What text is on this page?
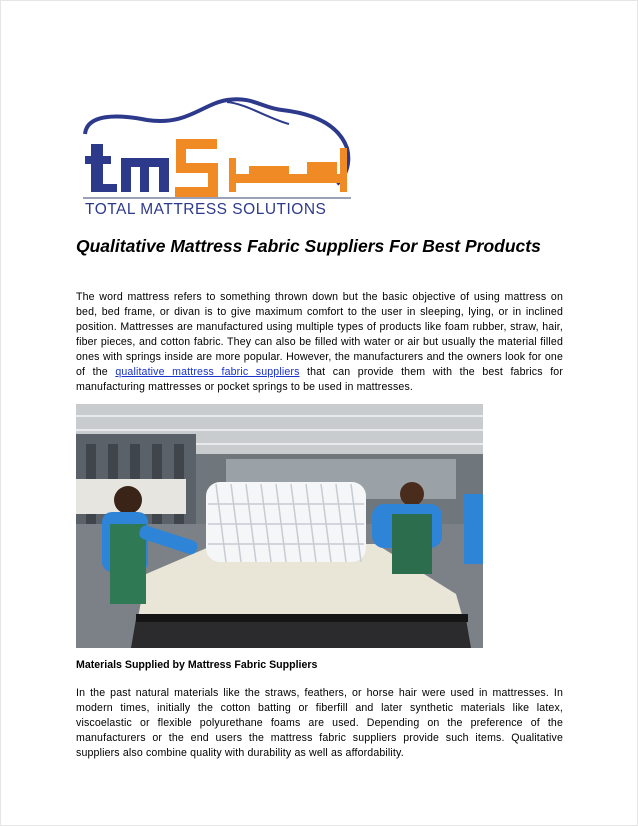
TOTAL MATTRESS SOLUTIONS
Qualitative Mattress Fabric Suppliers For Best Products

The word mattress refers to something thrown down but the basic objective of using mattress on bed, bed frame, or divan is to give maximum comfort to the user in sleeping, lying, or in inclined position. Mattresses are manufactured using multiple types of products like foam rubber, straw, hair, fiber pieces, and cotton fabric. They can also be filled with water or air but usually the material filled ones with springs inside are more popular. However, the manufacturers and the owners look for one of the qualitative mattress fabric suppliers that can provide them with the best fabrics for manufacturing mattresses or pocket springs to be used in mattresses.

Materials Supplied by Mattress Fabric Suppliers

In the past natural materials like the straws, feathers, or horse hair were used in mattresses. In modern times, initially the cotton batting or fiberfill and later synthetic materials like latex, viscoelastic or flexible polyurethane foams are used. Depending on the preference of the manufacturers or the end users the mattress fabric suppliers provide such items. Qualitative suppliers also combine quality with durability as well as affordability.
